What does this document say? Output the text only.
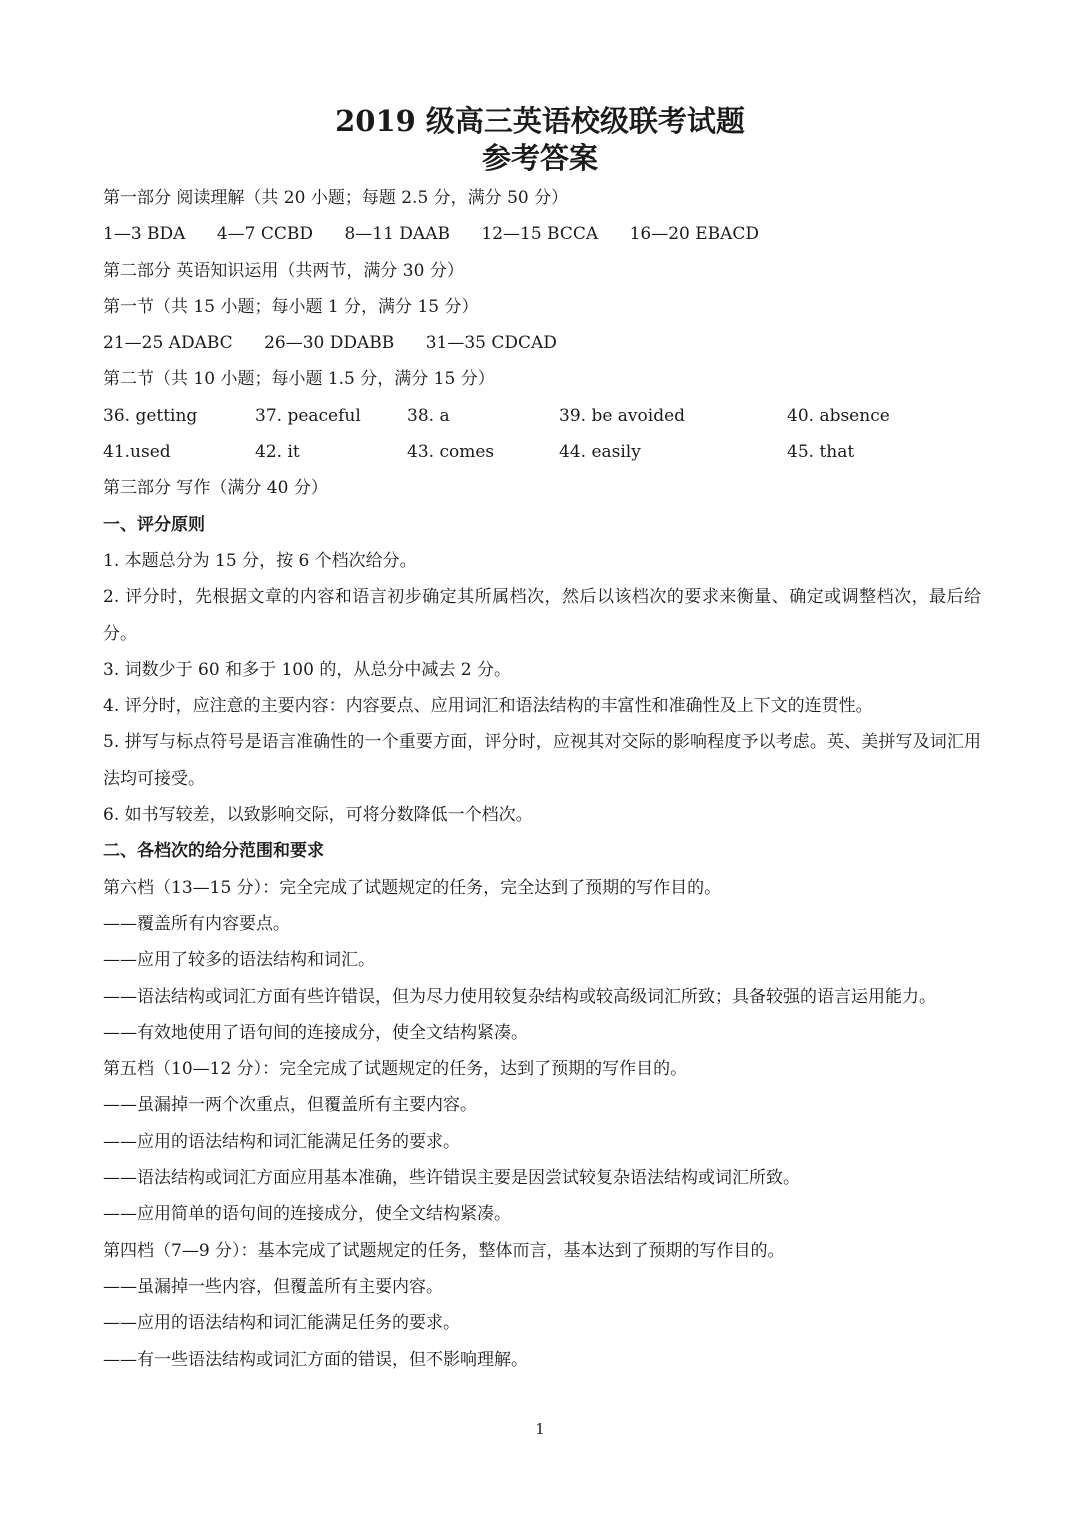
2019 级高三英语校级联考试题
参考答案
第一部分 阅读理解（共 20 小题；每题 2.5 分，满分 50 分）
1—3 BDA 4—7 CCBD 8—11 DAAB 12—15 BCCA 16—20 EBACD
第二部分 英语知识运用（共两节，满分 30 分）
第一节（共 15 小题；每小题 1 分，满分 15 分）
21—25 ADABC 26—30 DDABB 31—35 CDCAD
第二节（共 10 小题；每小题 1.5 分，满分 15 分）
36. getting	37. peaceful	38. a	39. be avoided	40. absence
41.used	42. it	43. comes	44. easily	45. that
第三部分 写作（满分 40 分）
一、评分原则
1. 本题总分为 15 分，按 6 个档次给分。
2. 评分时，先根据文章的内容和语言初步确定其所属档次，然后以该档次的要求来衡量、确定或调整档次，最后给分。
3. 词数少于 60 和多于 100 的，从总分中减去 2 分。
4. 评分时，应注意的主要内容：内容要点、应用词汇和语法结构的丰富性和准确性及上下文的连贯性。
5. 拼写与标点符号是语言准确性的一个重要方面，评分时，应视其对交际的影响程度予以考虑。英、美拼写及词汇用法均可接受。
6. 如书写较差，以致影响交际，可将分数降低一个档次。
二、各档次的给分范围和要求
第六档（13—15 分）：完全完成了试题规定的任务，完全达到了预期的写作目的。
——覆盖所有内容要点。
——应用了较多的语法结构和词汇。
——语法结构或词汇方面有些许错误，但为尽力使用较复杂结构或较高级词汇所致；具备较强的语言运用能力。
——有效地使用了语句间的连接成分，使全文结构紧凑。
第五档（10—12 分）：完全完成了试题规定的任务，达到了预期的写作目的。
——虽漏掉一两个次重点，但覆盖所有主要内容。
——应用的语法结构和词汇能满足任务的要求。
——语法结构或词汇方面应用基本准确，些许错误主要是因尝试较复杂语法结构或词汇所致。
——应用简单的语句间的连接成分，使全文结构紧凑。
第四档（7—9 分）：基本完成了试题规定的任务，整体而言，基本达到了预期的写作目的。
——虽漏掉一些内容，但覆盖所有主要内容。
——应用的语法结构和词汇能满足任务的要求。
——有一些语法结构或词汇方面的错误，但不影响理解。
1
